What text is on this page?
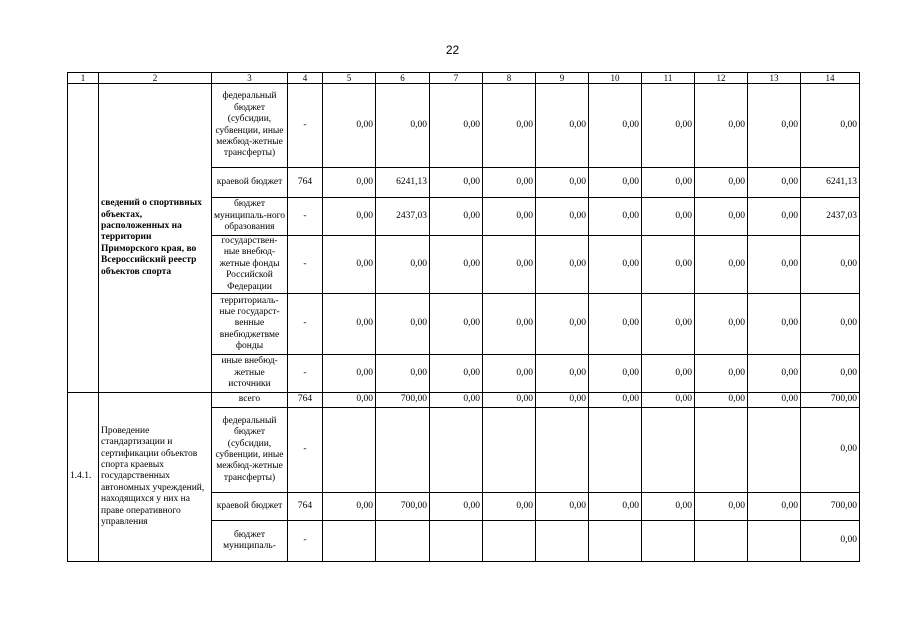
22
1	2	3	4	5	6	7	8	9	10	11	12	13	14
	сведений о спортивных объектах, расположенных на территории Приморского края, во Всероссийский реестр объектов спорта	федеральный бюджет (субсидии, субвенции, иные межбюд-жетные трансферты)	-	0,00	0,00	0,00	0,00	0,00	0,00	0,00	0,00	0,00	0,00
		краевой бюджет	764	0,00	6241,13	0,00	0,00	0,00	0,00	0,00	0,00	0,00	6241,13
		бюджет муниципаль-ного образования	-	0,00	2437,03	0,00	0,00	0,00	0,00	0,00	0,00	0,00	2437,03
		государствен-ные внебюд-жетные фонды Российской Федерации	-	0,00	0,00	0,00	0,00	0,00	0,00	0,00	0,00	0,00	0,00
		территориаль-ные государст-венные внебюджетвме фонды	-	0,00	0,00	0,00	0,00	0,00	0,00	0,00	0,00	0,00	0,00
		иные внебюд-жетные источники	-	0,00	0,00	0,00	0,00	0,00	0,00	0,00	0,00	0,00	0,00
1.4.1.	Проведение стандартизации и сертификации объектов спорта краевых государственных автономных учреждений, находящихся у них на праве оперативного управления	всего	764	0,00	700,00	0,00	0,00	0,00	0,00	0,00	0,00	0,00	700,00
		федеральный бюджет (субсидии, субвенции, иные межбюд-жетные трансферты)	-										0,00
		краевой бюджет	764	0,00	700,00	0,00	0,00	0,00	0,00	0,00	0,00	0,00	700,00
		бюджет муниципаль-	-										0,00
